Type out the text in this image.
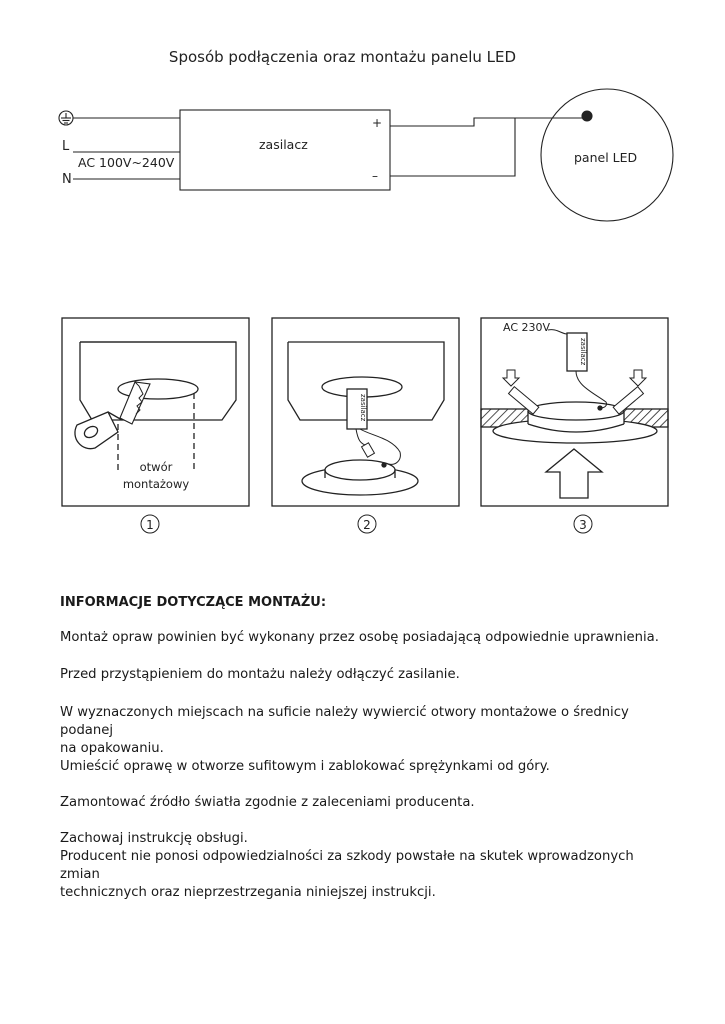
Sposób podłączenia oraz montażu panelu LED
L
N
AC 100V~240V
zasilacz
+
–
panel LED
otwór
montażowy
zasilacz
AC 230V
zasilacz
1	2	3
INFORMACJE DOTYCZĄCE MONTAŻU:
Montaż opraw powinien być wykonany przez osobę posiadającą odpowiednie uprawnienia.
Przed przystąpieniem do montażu należy odłączyć zasilanie.
W wyznaczonych miejscach na suficie należy wywiercić otwory montażowe o średnicy podanej
na opakowaniu.
Umieścić oprawę w otworze sufitowym i zablokować sprężynkami od góry.
Zamontować źródło światła zgodnie z zaleceniami producenta.
Zachowaj instrukcję obsługi.
Producent nie ponosi odpowiedzialności za szkody powstałe na skutek wprowadzonych zmian
technicznych oraz nieprzestrzegania niniejszej instrukcji.
